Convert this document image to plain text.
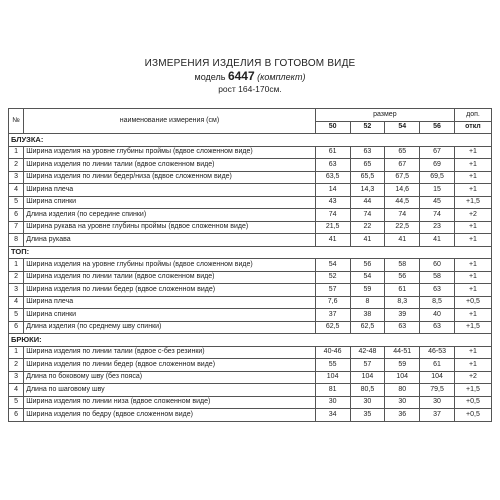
ИЗМЕРЕНИЯ ИЗДЕЛИЯ В ГОТОВОМ ВИДЕ
модель 6447 (комплект)
рост 164-170см.
№	наименование измерения (см)	размер				доп.
		50	52	54	56	откл
БЛУЗКА:						
1	Ширина изделия на уровне глубины проймы (вдвое сложенном виде)	61	63	65	67	+1
2	Ширина изделия по линии талии (вдвое сложенном виде)	63	65	67	69	+1
3	Ширина изделия по линии бедер/низа (вдвое сложенном виде)	63,5	65,5	67,5	69,5	+1
4	Ширина плеча	14	14,3	14,6	15	+1
5	Ширина спинки	43	44	44,5	45	+1,5
6	Длина изделия (по середине спинки)	74	74	74	74	+2
7	Ширина рукава на уровне глубины проймы (вдвое сложенном виде)	21,5	22	22,5	23	+1
8	Длина рукава	41	41	41	41	+1
ТОП:						
1	Ширина изделия на уровне глубины проймы (вдвое сложенном виде)	54	56	58	60	+1
2	Ширина изделия по линии талии (вдвое сложенном виде)	52	54	56	58	+1
3	Ширина изделия по линии бедер (вдвое сложенном виде)	57	59	61	63	+1
4	Ширина плеча	7,6	8	8,3	8,5	+0,5
5	Ширина спинки	37	38	39	40	+1
6	Длина изделия (по среднему шву спинки)	62,5	62,5	63	63	+1,5
БРЮКИ:						
1	Ширина изделия по линии талии (вдвое с-без резинки)	40-46	42-48	44-51	46-53	+1
2	Ширина изделия по линии бедер (вдвое сложенном виде)	55	57	59	61	+1
3	Длина по боковому шву (без пояса)	104	104	104	104	+2
4	Длина по шаговому шву	81	80,5	80	79,5	+1,5
5	Ширина изделия по линии низа (вдвое сложенном виде)	30	30	30	30	+0,5
6	Ширина изделия по бедру (вдвое сложенном виде)	34	35	36	37	+0,5
